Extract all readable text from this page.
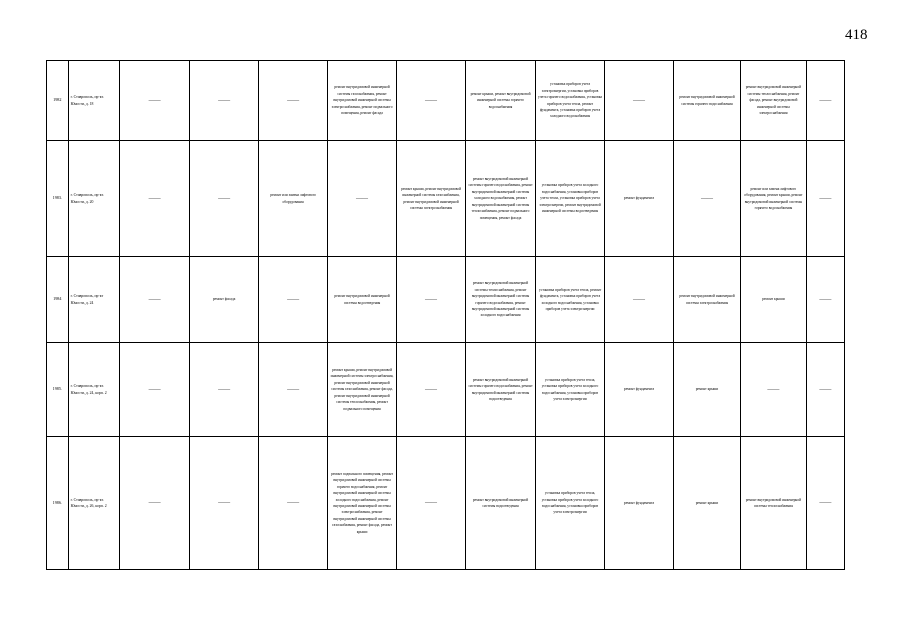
418
1982	г. Ставрополь, пр-кт. Юности, д. 18	——	——	——	ремонт внутридомовой инженерной системы газоснабжения, ремонт внутридомовой инженерной системы электроснабжения, ремонт подвального помещения, ремонт фасада	——	ремонт крыши, ремонт внутридомовой инженерной системы горячего водоснабжения	установка приборов учета электроэнергии, установка приборов учета горячего водоснабжения, установка приборов учета тепла, ремонт фундамента, установка приборов учета холодного водоснабжения	——	ремонт внутридомовой инженерной системы горячего водоснабжения	ремонт внутридомовой инженерной системы теплоснабжения, ремонт фасада, ремонт внутридомовой инженерной системы электроснабжения	——
1983.	г. Ставрополь, пр-кт. Юности, д. 20	——	——	ремонт или замена лифтового оборудования	——	ремонт крыши, ремонт внутридомовой инженерной системы газоснабжения, ремонт внутридомовой инженерной системы электроснабжения	ремонт внутридомовой инженерной системы горячего водоснабжения, ремонт внутридомовой инженерной системы холодного водоснабжения, ремонт внутридомовой инженерной системы теплоснабжения, ремонт подвального помещения, ремонт фасада	установка приборов учета холодного водоснабжения, установка приборов учета тепла, установка приборов учета электроэнергии, ремонт внутридомовой инженерной системы водоотведения	ремонт фундамента	——	ремонт или замена лифтового оборудования, ремонт крыши, ремонт внутридомовой инженерной системы горячего водоснабжения	——
1984	г. Ставрополь, пр-кт Юности, д. 24	——	ремонт фасада	——	ремонт внутридомовой инженерной системы водоотведения	——	ремонт внутридомовой инженерной системы теплоснабжения, ремонт внутридомовой инженерной системы горячего водоснабжения, ремонт внутридомовой инженерной системы холодного водоснабжения	установка приборов учета тепла, ремонт фундамента, установка приборов учета холодного водоснабжения, установка приборов учета электроэнергии	——	ремонт внутридомовой инженерной системы электроснабжения	ремонт крыши	——
1985.	г. Ставрополь, пр-кт. Юности, д. 24, корп. 2	——	——	——	ремонт крыши, ремонт внутридомовой инженерной системы электроснабжения, ремонт внутридомовой инженерной системы газоснабжения, ремонт фасада, ремонт внутридомовой инженерной системы теплоснабжения, ремонт подвального помещения	——	ремонт внутридомовой инженерной системы горячего водоснабжения, ремонт внутридомовой инженерной системы водоотведения	установка приборов учета тепла, установка приборов учета холодного водоснабжения, установка приборов учета электроэнергии	ремонт фундамента	ремонт крыши	——	——
1986.	г. Ставрополь, пр-кт. Юности, д. 26, корп. 2	——	——	——	ремонт подвального помещения, ремонт внутридомовой инженерной системы горячего водоснабжения, ремонт внутридомовой инженерной системы холодного водоснабжения, ремонт внутридомовой инженерной системы электроснабжения, ремонт внутридомовой инженерной системы газоснабжения, ремонт фасада, ремонт крыши	——	ремонт внутридомовой инженерной системы водоотведения	установка приборов учета тепла, установка приборов учета холодного водоснабжения, установка приборов учета электроэнергии	ремонт фундамента	ремонт крыши	ремонт внутридомовой инженерной системы теплоснабжения	——
